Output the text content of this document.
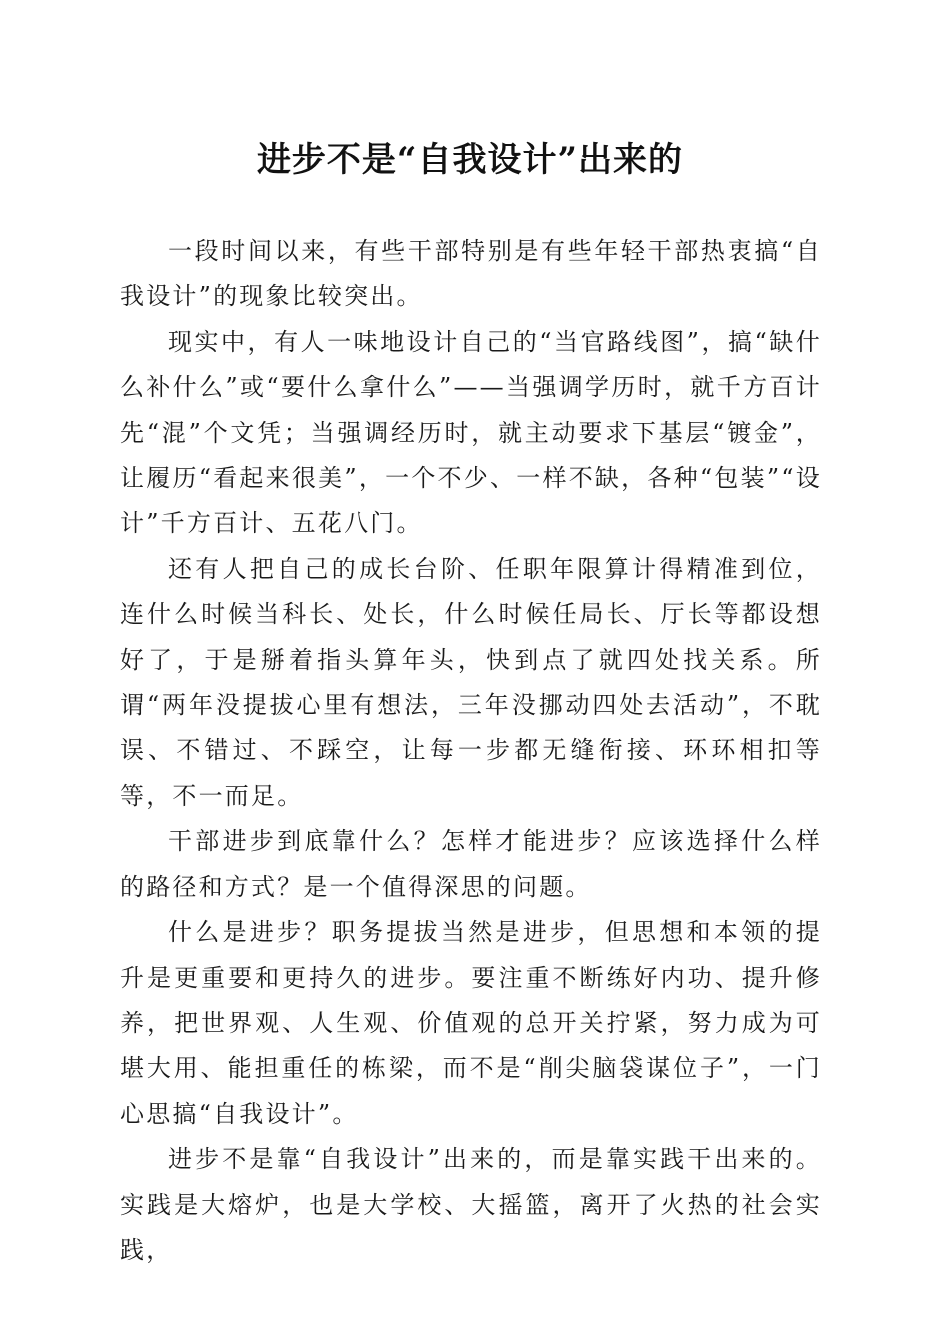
进步不是“自我设计”出来的

一段时间以来，有些干部特别是有些年轻干部热衷搞“自我设计”的现象比较突出。

现实中，有人一味地设计自己的“当官路线图”，搞“缺什么补什么”或“要什么拿什么”——当强调学历时，就千方百计先“混”个文凭；当强调经历时，就主动要求下基层“镀金”，让履历“看起来很美”，一个不少、一样不缺，各种“包装”“设计”千方百计、五花八门。

还有人把自己的成长台阶、任职年限算计得精准到位，连什么时候当科长、处长，什么时候任局长、厅长等都设想好了，于是掰着指头算年头，快到点了就四处找关系。所谓“两年没提拔心里有想法，三年没挪动四处去活动”，不耽误、不错过、不踩空，让每一步都无缝衔接、环环相扣等等，不一而足。

干部进步到底靠什么？怎样才能进步？应该选择什么样的路径和方式？是一个值得深思的问题。

什么是进步？职务提拔当然是进步，但思想和本领的提升是更重要和更持久的进步。要注重不断练好内功、提升修养，把世界观、人生观、价值观的总开关拧紧，努力成为可堪大用、能担重任的栋梁，而不是“削尖脑袋谋位子”，一门心思搞“自我设计”。

进步不是靠“自我设计”出来的，而是靠实践干出来的。实践是大熔炉，也是大学校、大摇篮，离开了火热的社会实践，
